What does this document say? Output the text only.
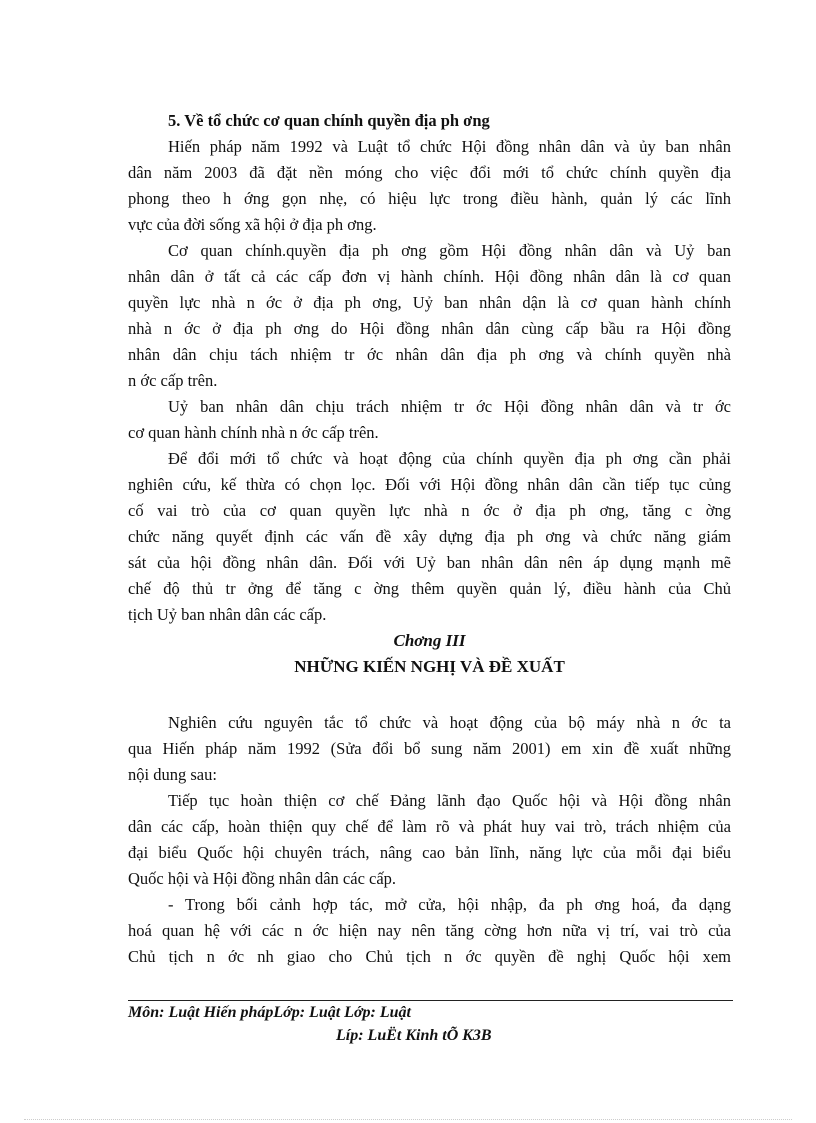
5. Về tổ chức cơ quan chính quyền địa ph ơng
Hiến pháp năm 1992 và Luật tổ chức Hội đồng nhân dân và ủy ban nhân
dân năm 2003 đã đặt nền móng cho việc đổi mới tổ chức chính quyền địa
phong theo h ớng gọn nhẹ, có hiệu lực trong điều hành, quản lý các lĩnh
vực của đời sống xã hội ở địa ph ơng.
Cơ quan chính.quyền địa ph ơng gồm Hội đồng nhân dân và Uỷ ban
nhân dân ở tất cả các cấp đơn vị hành chính. Hội đồng nhân dân là cơ quan
quyền lực nhà n ớc ở địa ph ơng, Uỷ ban nhân dận là cơ quan hành chính
nhà n ớc ở địa ph ơng do Hội đồng nhân dân cùng cấp bầu ra Hội đồng
nhân dân chịu tách nhiệm tr ớc nhân dân địa ph ơng và chính quyền nhà
n ớc cấp trên.
Uỷ ban nhân dân chịu trách nhiệm tr ớc Hội đồng nhân dân và tr ớc
cơ quan hành chính nhà n ớc cấp trên.
Để đổi mới tổ chức và hoạt động của chính quyền địa ph ơng cần phải
nghiên cứu, kế thừa có chọn lọc. Đối với Hội đồng nhân dân cần tiếp tục củng
cố vai trò của cơ quan quyền lực nhà n ớc ở địa ph ơng, tăng c ờng
chức năng quyết định các vấn đề xây dựng địa ph ơng và chức năng giám
sát của hội đồng nhân dân. Đối với Uỷ ban nhân dân nên áp dụng mạnh mẽ
chế độ thủ tr ởng để tăng c ờng thêm quyền quản lý, điều hành của Chủ
tịch Uỷ ban nhân dân các cấp.
Chơng III
NHỮNG KIẾN NGHỊ VÀ ĐỀ XUẤT
Nghiên cứu nguyên tắc tổ chức và hoạt động của bộ máy nhà n ớc ta
qua Hiến pháp năm 1992 (Sửa đổi bổ sung năm 2001) em xin đề xuất những
nội dung sau:
Tiếp tục hoàn thiện cơ chế Đảng lãnh đạo Quốc hội và Hội đồng nhân
dân các cấp, hoàn thiện quy chế để làm rõ và phát huy vai trò, trách nhiệm của
đại biểu Quốc hội chuyên trách, nâng cao bản lĩnh, năng lực của mỗi đại biểu
Quốc hội và Hội đồng nhân dân các cấp.
- Trong bối cảnh hợp tác, mở cửa, hội nhập, đa ph ơng hoá, đa dạng
hoá quan hệ với các n ớc hiện nay nên tăng cờng hơn nữa vị trí, vai trò của
Chủ tịch n ớc nh giao cho Chủ tịch n ớc quyền đề nghị Quốc hội xem
Môn: Luật Hiến phápLớp: Luật Lớp: Luật
Líp: LuËt Kinh tÕ K3B
